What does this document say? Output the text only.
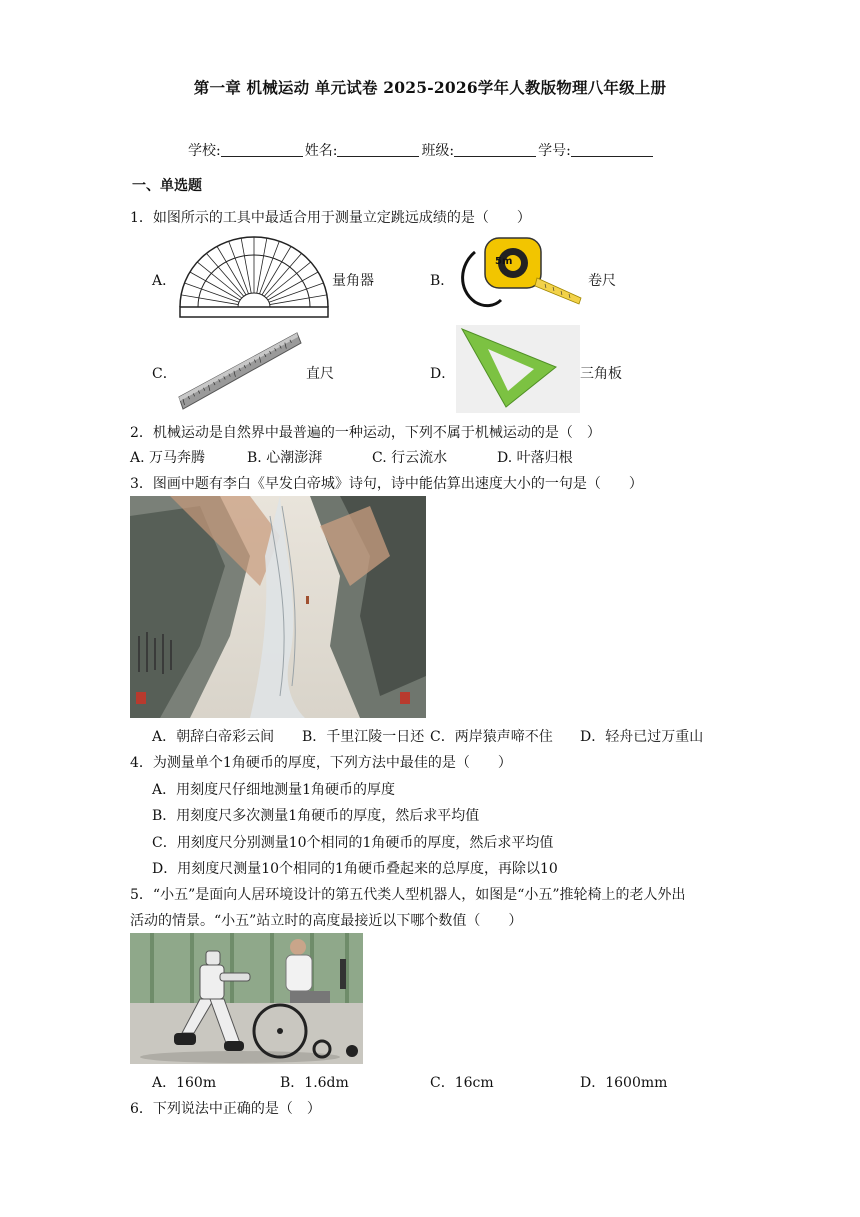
第一章 机械运动 单元试卷 2025-2026学年人教版物理八年级上册
学校:	姓名:	班级:	学号:
一、单选题
1．如图所示的工具中最适合用于测量立定跳远成绩的是（　　）
A．	量角器	B．
5m
卷尺
C．	直尺	D．	三角板
2．机械运动是自然界中最普遍的一种运动，下列不属于机械运动的是（　）
A. 万马奔腾	B. 心潮澎湃	C. 行云流水	D. 叶落归根
3．图画中题有李白《早发白帝城》诗句，诗中能估算出速度大小的一句是（　　）
A．朝辞白帝彩云间 B．千里江陵一日还 C．两岸猿声啼不住 D．轻舟已过万重山
4．为测量单个1角硬币的厚度，下列方法中最佳的是（　　）
A．用刻度尺仔细地测量1角硬币的厚度
B．用刻度尺多次测量1角硬币的厚度，然后求平均值
C．用刻度尺分别测量10个相同的1角硬币的厚度，然后求平均值
D．用刻度尺测量10个相同的1角硬币叠起来的总厚度，再除以10
5．“小五”是面向人居环境设计的第五代类人型机器人，如图是“小五”推轮椅上的老人外出
活动的情景。“小五”站立时的高度最接近以下哪个数值（　　）
A．160m	B．1.6dm	C．16cm	D．1600mm
6．下列说法中正确的是（　）
